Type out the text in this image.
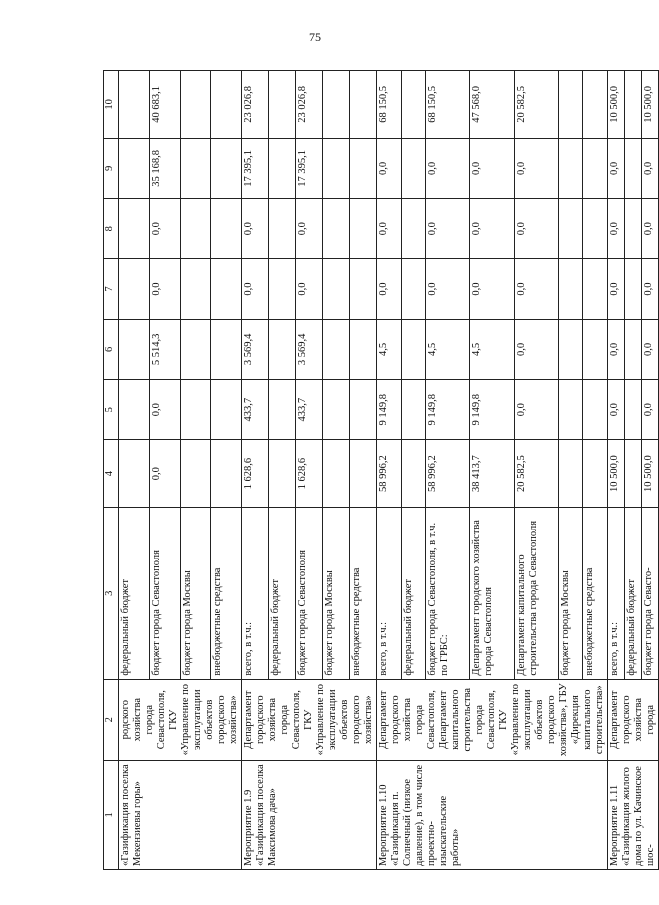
75
1	2	3	4	5	6	7	8	9	10
«Газификация поселка Мекензиевы горы»	родского хозяйства города Севастополя, ГКУ «Управление по эксплуатации объектов городского хозяйства»	федеральный бюджет							
		бюджет города Севастополя	0,0	0,0	5 514,3	0,0	0,0	35 168,8	40 683,1
		бюджет города Москвы							
		внебюджетные средства							
Мероприятие 1.9 «Газификация поселка Максимова дача»	Департамент городского хозяйства города Севастополя, ГКУ «Управление по эксплуатации объектов городского хозяйства»	всего, в т.ч.:	1 628,6	433,7	3 569,4	0,0	0,0	17 395,1	23 026,8
		федеральный бюджет							
		бюджет города Севастополя	1 628,6	433,7	3 569,4	0,0	0,0	17 395,1	23 026,8
		бюджет города Москвы							
		внебюджетные средства							
Мероприятие 1.10 «Газификация п. Солнечный (низкое давление), в том числе проектно-изыскательские работы»	Департамент городского хозяйства города Севастополя, Департамент капитального строительства города Севастополя, ГКУ «Управление по эксплуатации объектов городского хозяйства», ГБУ «Дирекция капитального строительства»	всего, в т.ч.:	58 996,2	9 149,8	4,5	0,0	0,0	0,0	68 150,5
		федеральный бюджет							
		бюджет города Севастополя, в т.ч. по ГРБС:	58 996,2	9 149,8	4,5	0,0	0,0	0,0	68 150,5
		Департамент городского хозяйства города Севастополя	38 413,7	9 149,8	4,5	0,0	0,0	0,0	47 568,0
		Департамент капитального строительства города Севастополя	20 582,5	0,0	0,0	0,0	0,0	0,0	20 582,5
		бюджет города Москвы							
		внебюджетные средства							
Мероприятие 1.11 «Газификация жилого дома по ул. Качинское шос-	Департамент городского хозяйства города	всего, в т.ч.:	10 500,0	0,0	0,0	0,0	0,0	0,0	10 500,0
		федеральный бюджет							
		бюджет города Севасто-	10 500,0	0,0	0,0	0,0	0,0	0,0	10 500,0
